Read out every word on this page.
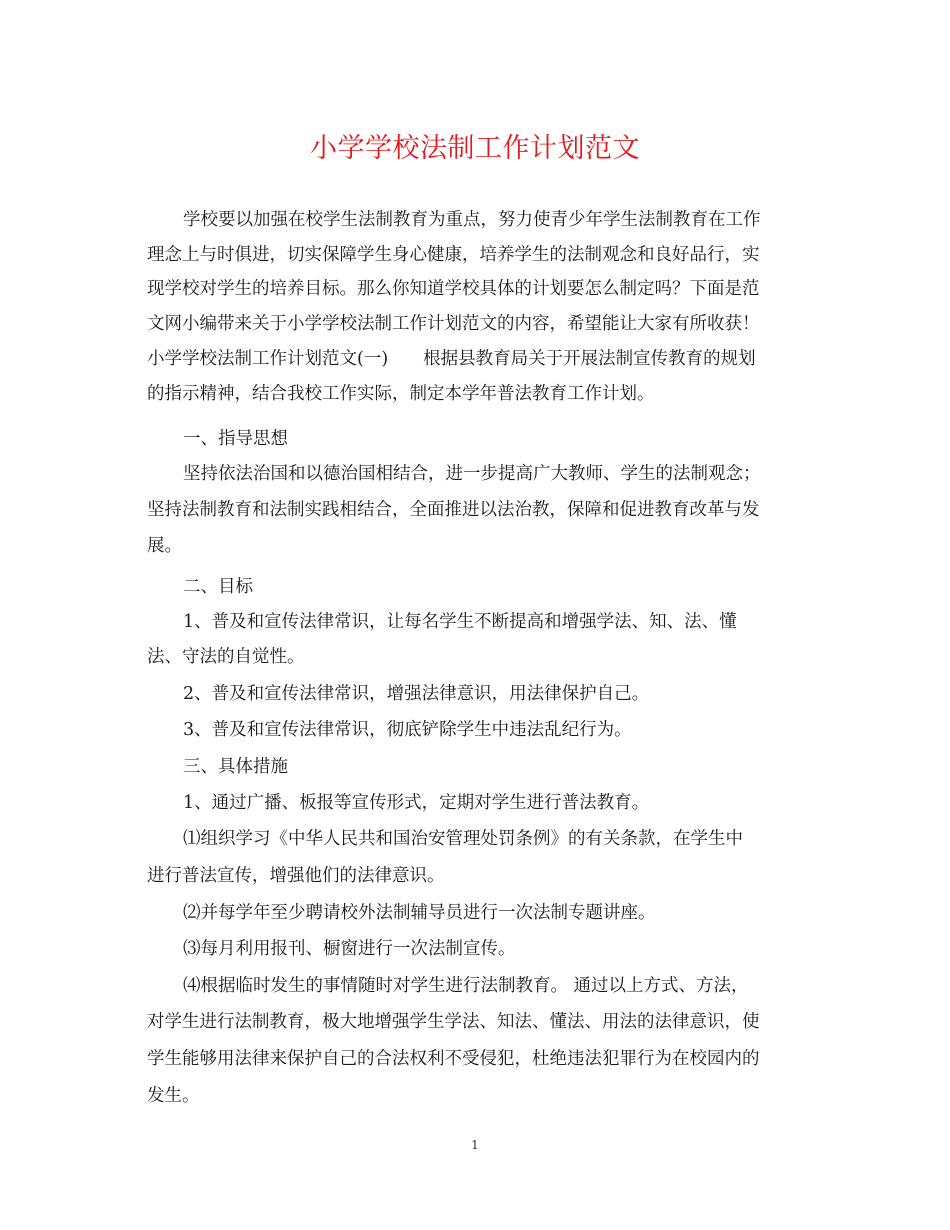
小学学校法制工作计划范文
学校要以加强在校学生法制教育为重点，努力使青少年学生法制教育在工作
理念上与时俱进，切实保障学生身心健康，培养学生的法制观念和良好品行，实
现学校对学生的培养目标。那么你知道学校具体的计划要怎么制定吗？下面是范
文网小编带来关于小学学校法制工作计划范文的内容，希望能让大家有所收获！
小学学校法制工作计划范文(一)　　根据县教育局关于开展法制宣传教育的规划
的指示精神，结合我校工作实际，制定本学年普法教育工作计划。
一、指导思想
坚持依法治国和以德治国相结合，进一步提高广大教师、学生的法制观念；
坚持法制教育和法制实践相结合，全面推进以法治教，保障和促进教育改革与发
展。
二、目标
1、普及和宣传法律常识，让每名学生不断提高和增强学法、知、法、懂
法、守法的自觉性。
2、普及和宣传法律常识，增强法律意识，用法律保护自己。
3、普及和宣传法律常识，彻底铲除学生中违法乱纪行为。
三、具体措施
1、通过广播、板报等宣传形式，定期对学生进行普法教育。
⑴组织学习《中华人民共和国治安管理处罚条例》的有关条款，在学生中
进行普法宣传，增强他们的法律意识。
⑵并每学年至少聘请校外法制辅导员进行一次法制专题讲座。
⑶每月利用报刊、橱窗进行一次法制宣传。
⑷根据临时发生的事情随时对学生进行法制教育。 通过以上方式、方法，
对学生进行法制教育，极大地增强学生学法、知法、懂法、用法的法律意识，使
学生能够用法律来保护自己的合法权利不受侵犯，杜绝违法犯罪行为在校园内的
发生。
1
